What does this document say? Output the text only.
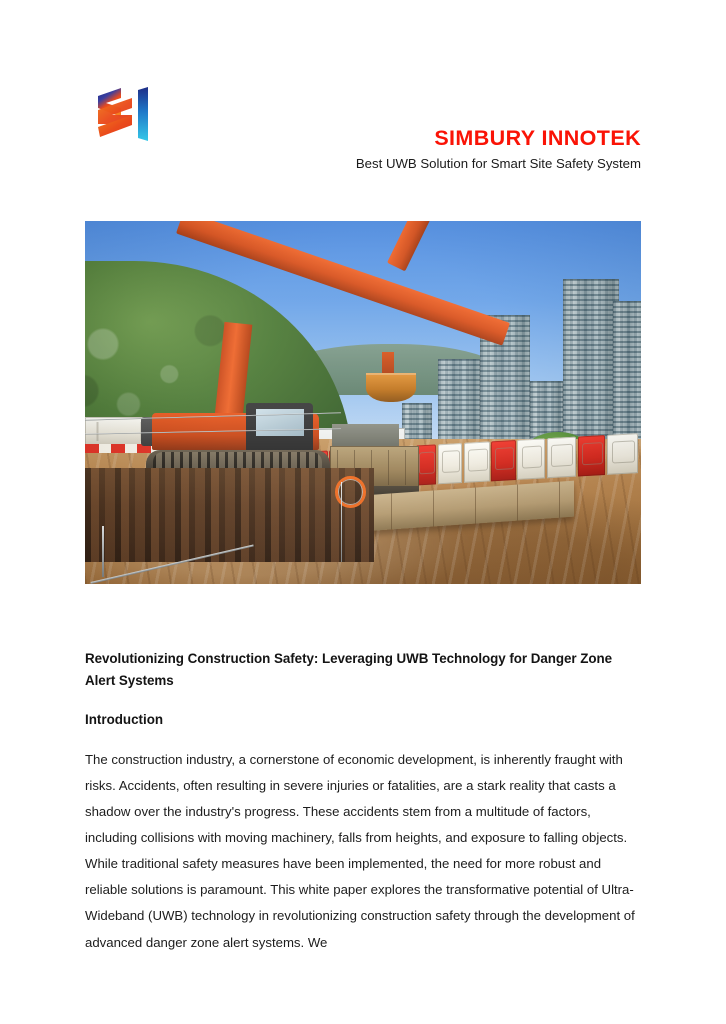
SIMBURY INNOTEK
Best UWB Solution for Smart Site Safety System
Revolutionizing Construction Safety: Leveraging UWB Technology for Danger Zone Alert Systems
Introduction

The construction industry, a cornerstone of economic development, is inherently fraught with risks. Accidents, often resulting in severe injuries or fatalities, are a stark reality that casts a shadow over the industry's progress. These accidents stem from a multitude of factors, including collisions with moving machinery, falls from heights, and exposure to falling objects. While traditional safety measures have been implemented, the need for more robust and reliable solutions is paramount. This white paper explores the transformative potential of Ultra-Wideband (UWB) technology in revolutionizing construction safety through the development of advanced danger zone alert systems. We
